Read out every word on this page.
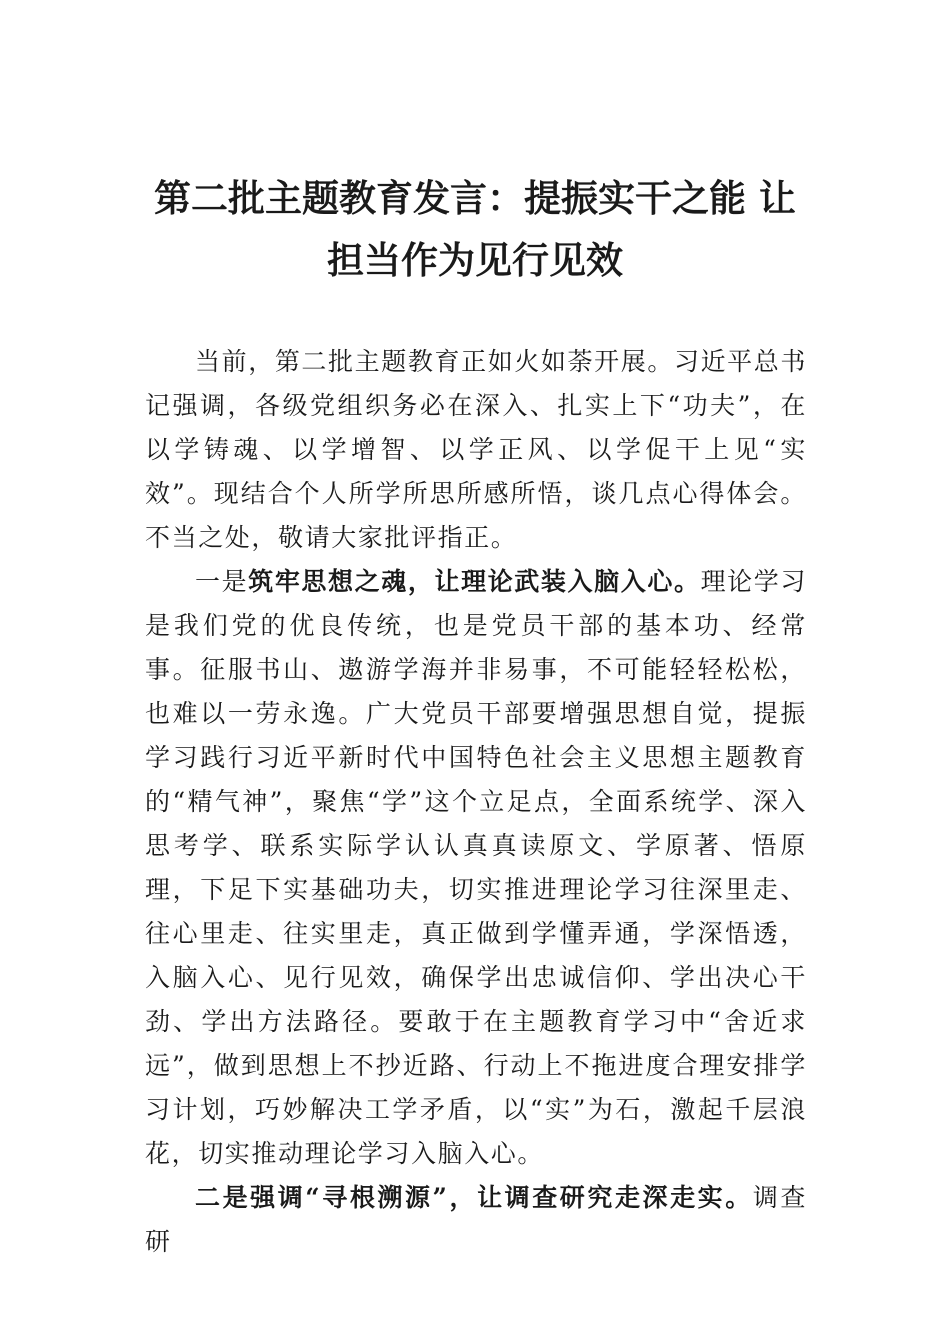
第二批主题教育发言：提振实干之能 让担当作为见行见效

当前，第二批主题教育正如火如荼开展。习近平总书记强调，各级党组织务必在深入、扎实上下“功夫”，在以学铸魂、以学增智、以学正风、以学促干上见“实效”。现结合个人所学所思所感所悟，谈几点心得体会。不当之处，敬请大家批评指正。

一是筑牢思想之魂，让理论武装入脑入心。理论学习是我们党的优良传统，也是党员干部的基本功、经常事。征服书山、遨游学海并非易事，不可能轻轻松松，也难以一劳永逸。广大党员干部要增强思想自觉，提振学习践行习近平新时代中国特色社会主义思想主题教育的“精气神”，聚焦“学”这个立足点，全面系统学、深入思考学、联系实际学认认真真读原文、学原著、悟原理，下足下实基础功夫，切实推进理论学习往深里走、往心里走、往实里走，真正做到学懂弄通，学深悟透，入脑入心、见行见效，确保学出忠诚信仰、学出决心干劲、学出方法路径。要敢于在主题教育学习中“舍近求远”，做到思想上不抄近路、行动上不拖进度合理安排学习计划，巧妙解决工学矛盾，以“实”为石，激起千层浪花，切实推动理论学习入脑入心。

二是强调“寻根溯源”，让调查研究走深走实。调查研
